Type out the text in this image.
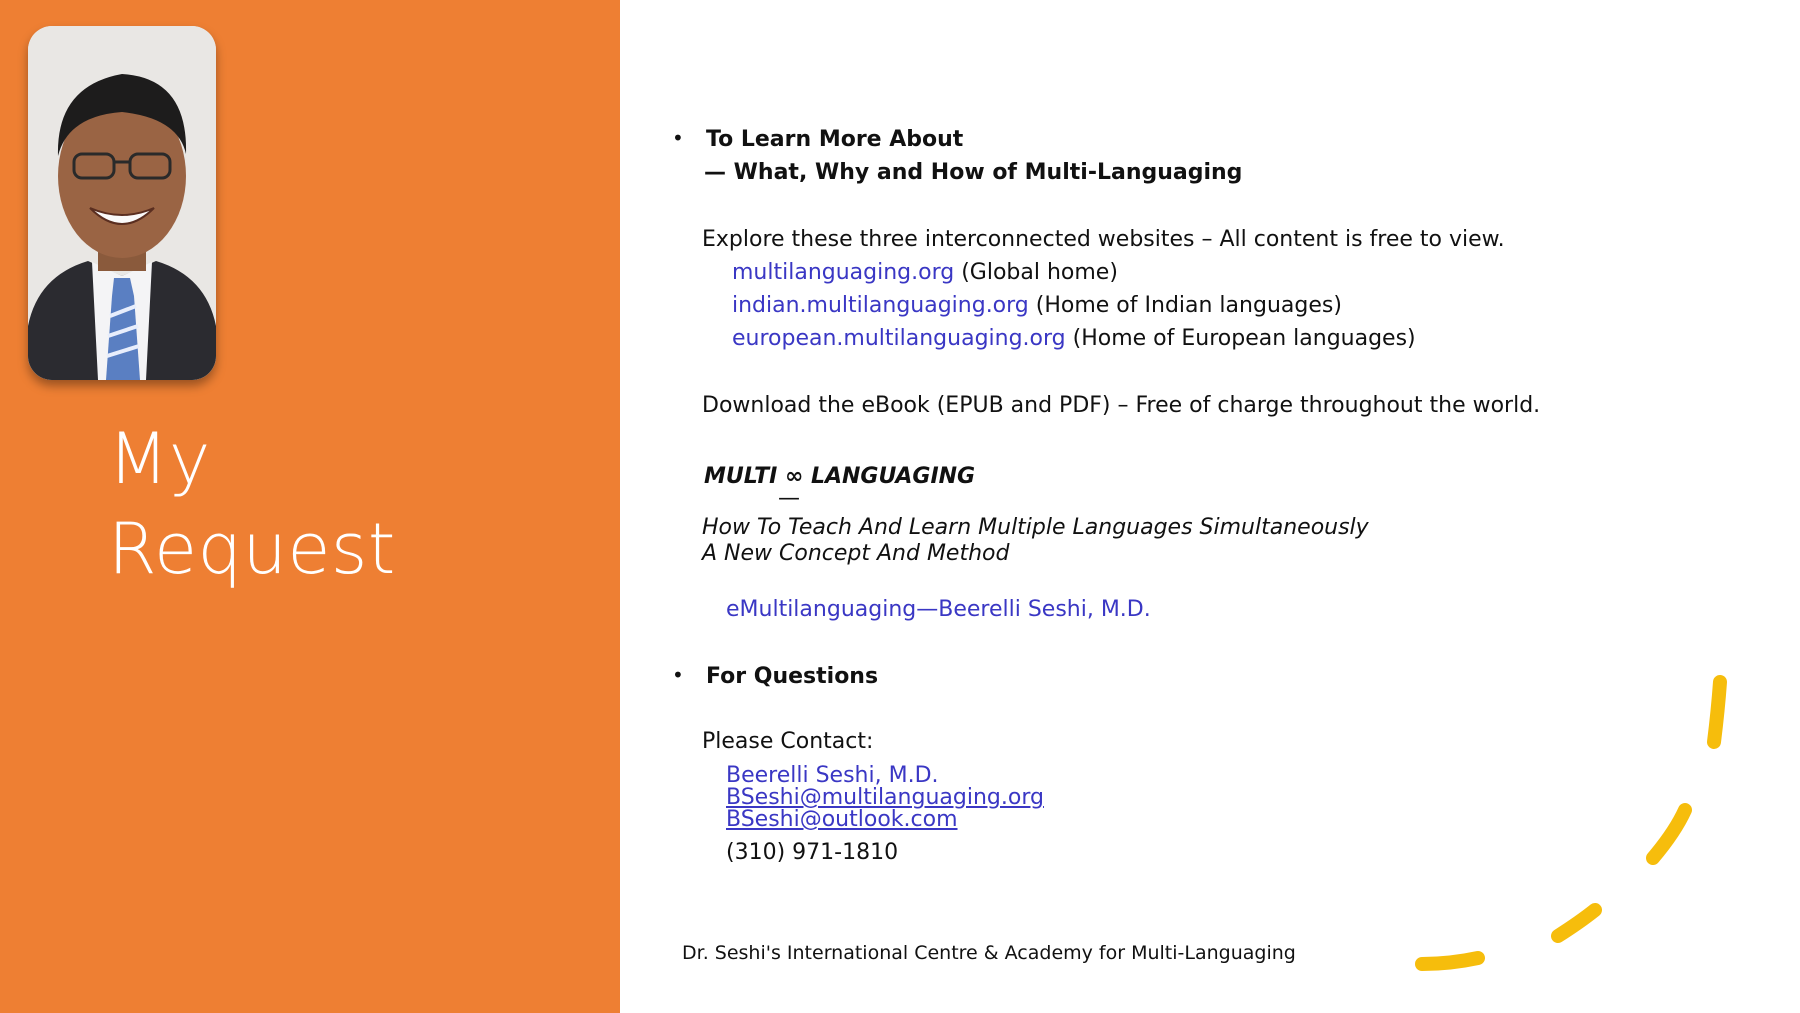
My
Request
• To Learn More About
— What, Why and How of Multi-Languaging
Explore these three interconnected websites – All content is free to view.
multilanguaging.org (Global home)
indian.multilanguaging.org (Home of Indian languages)
european.multilanguaging.org (Home of European languages)
Download the eBook (EPUB and PDF) – Free of charge throughout the world.
MULTI ∞ LANGUAGING
—
How To Teach And Learn Multiple Languages Simultaneously
A New Concept And Method
eMultilanguaging—Beerelli Seshi, M.D.
• For Questions
Please Contact:
Beerelli Seshi, M.D.
BSeshi@multilanguaging.org
BSeshi@outlook.com
(310) 971-1810
Dr. Seshi's International Centre & Academy for Multi-Languaging
